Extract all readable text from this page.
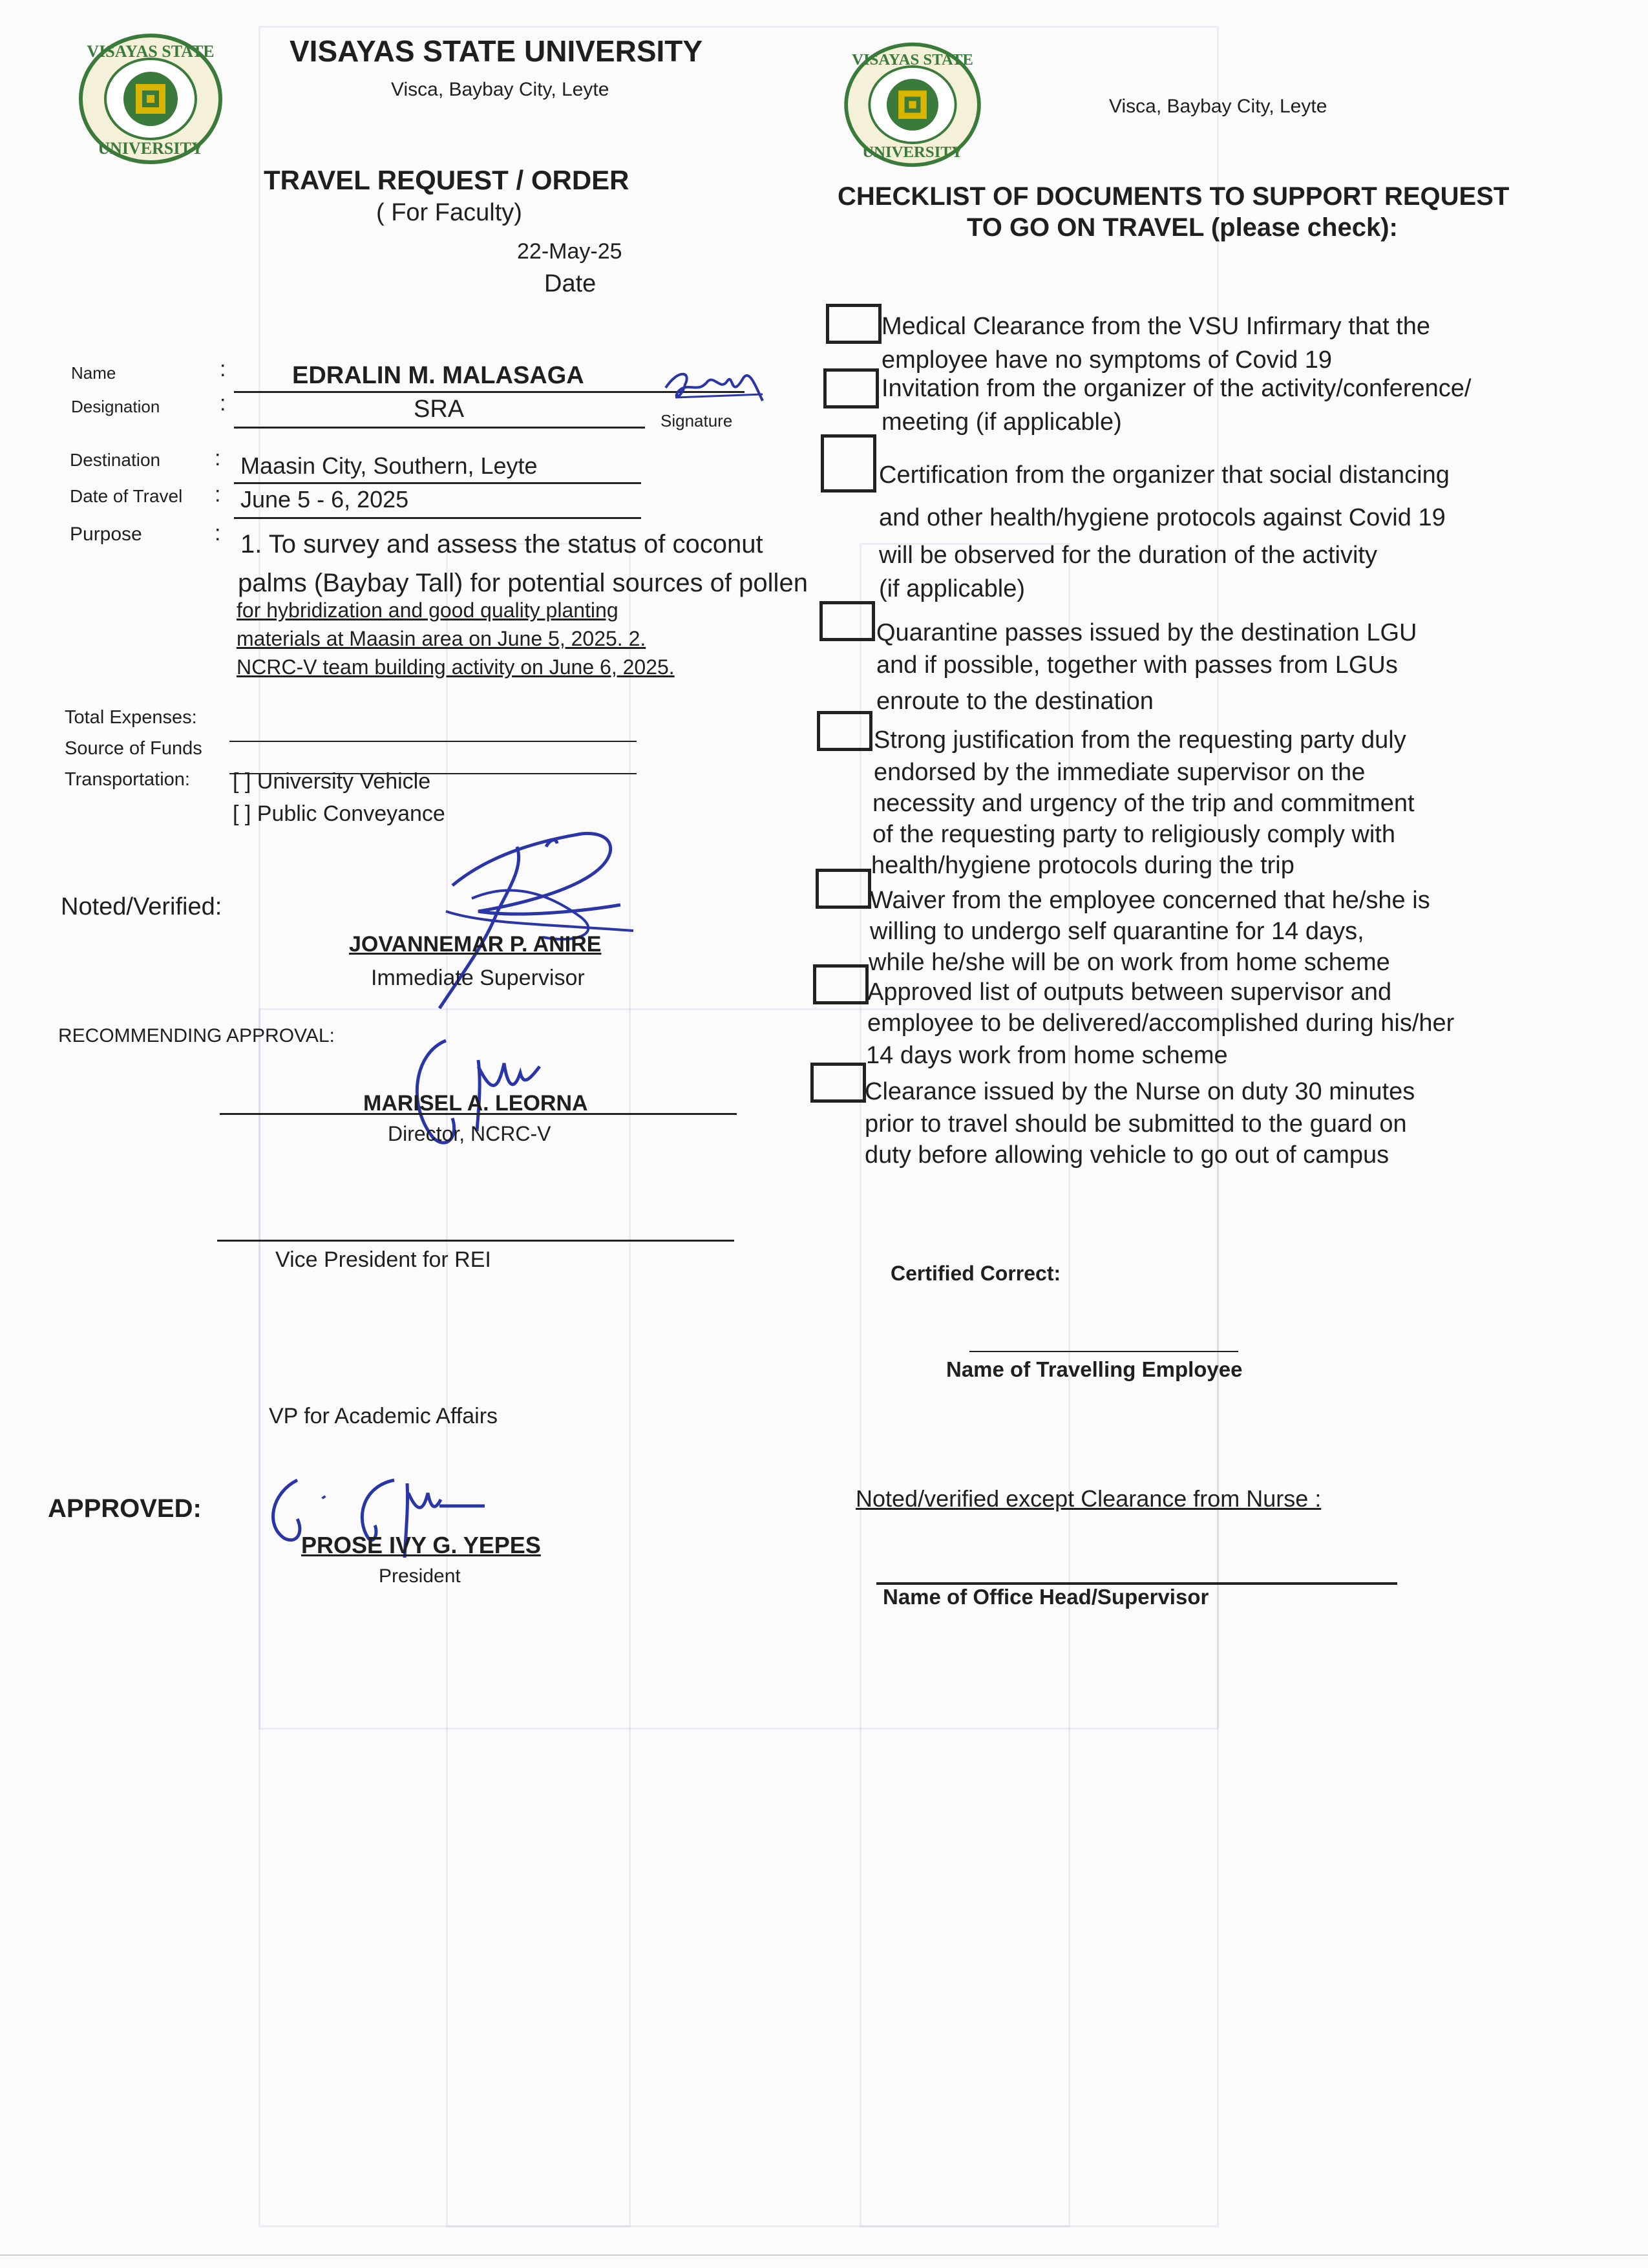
VISAYAS STATE
UNIVERSITY
VISAYAS STATE
UNIVERSITY
VISAYAS STATE UNIVERSITY
Visca, Baybay City, Leyte
TRAVEL REQUEST / ORDER
( For Faculty)
22-May-25
Date
Name	:	EDRALIN M. MALASAGA
Designation	:	SRA	Signature
Destination : Maasin City, Southern, Leyte
Date of Travel : June 5 - 6, 2025
Purpose	: 1. To survey and assess the status of coconut
palms (Baybay Tall) for potential sources of pollen
for hybridization and good quality planting
materials at Maasin area on June 5, 2025. 2.
NCRC-V team building activity on June 6, 2025.
Total Expenses:
Source of Funds
Transportation: [ ] University Vehicle
[ ] Public Conveyance
Noted/Verified:
JOVANNEMAR P. ANIRE
Immediate Supervisor
RECOMMENDING APPROVAL:
MARISEL A. LEORNA
Director, NCRC-V
Vice President for REI
VP for Academic Affairs
APPROVED:
PROSE IVY G. YEPES
President
Visca, Baybay City, Leyte
CHECKLIST OF DOCUMENTS TO SUPPORT REQUEST
TO GO ON TRAVEL (please check):
Medical Clearance from the VSU Infirmary that the
employee have no symptoms of Covid 19
Invitation from the organizer of the activity/conference/
meeting (if applicable)
Certification from the organizer that social distancing
and other health/hygiene protocols against Covid 19
will be observed for the duration of the activity
(if applicable)
Quarantine passes issued by the destination LGU
and if possible, together with passes from LGUs
enroute to the destination
Strong justification from the requesting party duly
endorsed by the immediate supervisor on the
necessity and urgency of the trip and commitment
of the requesting party to religiously comply with
health/hygiene protocols during the trip
Waiver from the employee concerned that he/she is
willing to undergo self quarantine for 14 days,
while he/she will be on work from home scheme
Approved list of outputs between supervisor and
employee to be delivered/accomplished during his/her
14 days work from home scheme
Clearance issued by the Nurse on duty 30 minutes
prior to travel should be submitted to the guard on
duty before allowing vehicle to go out of campus
Certified Correct:
Name of Travelling Employee
Noted/verified except Clearance from Nurse :
Name of Office Head/Supervisor
